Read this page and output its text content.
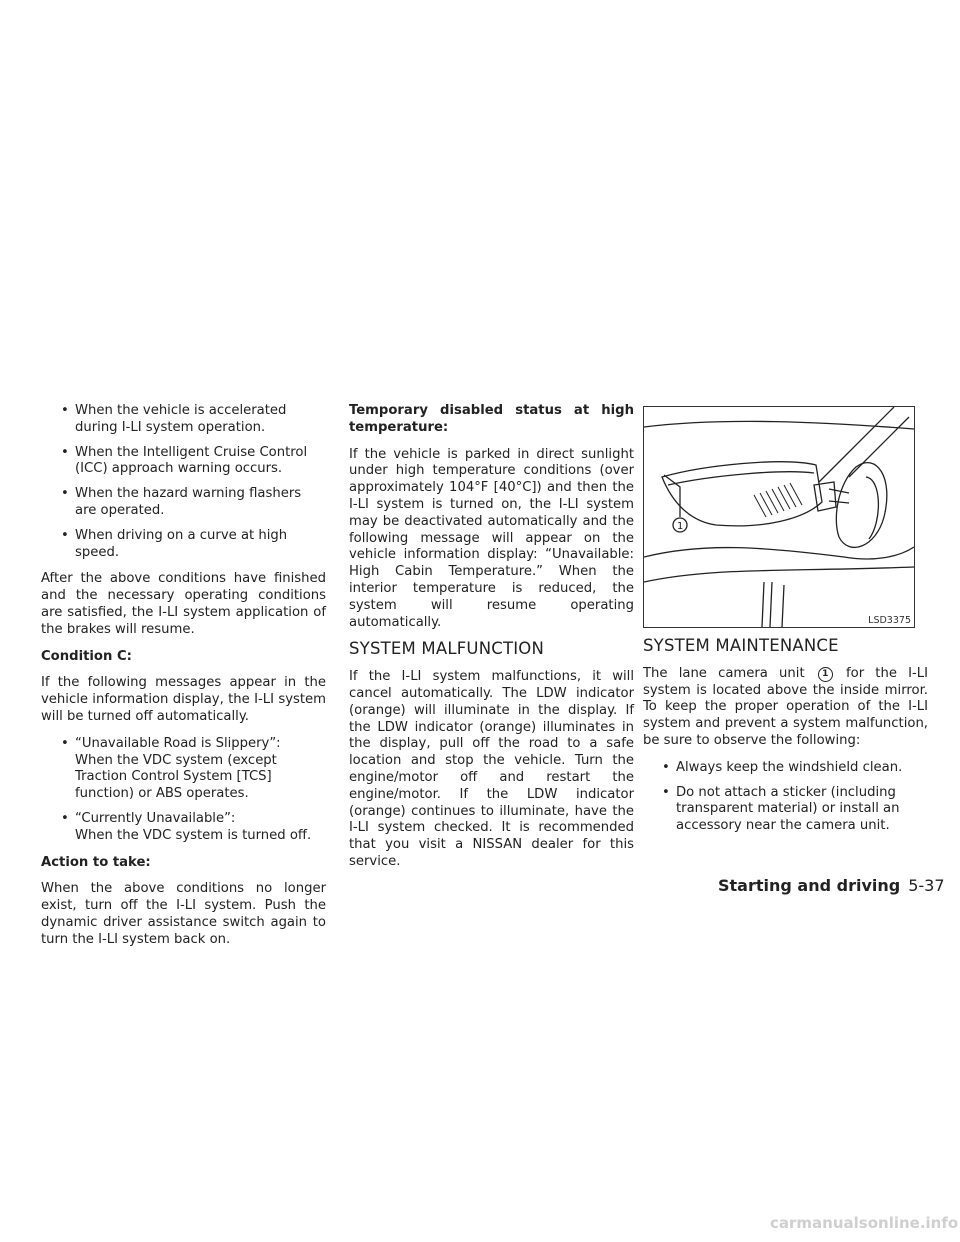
• When the vehicle is accelerated during I-LI system operation.
• When the Intelligent Cruise Control (ICC) approach warning occurs.
• When the hazard warning flashers are operated.
• When driving on a curve at high speed.

After the above conditions have finished and the necessary operating conditions are satisfied, the I-LI system application of the brakes will resume.

Condition C:

If the following messages appear in the vehicle information display, the I-LI system will be turned off automatically.

• “Unavailable Road is Slippery”:
When the VDC system (except Traction Control System [TCS] function) or ABS operates.
• “Currently Unavailable”:
When the VDC system is turned off.

Action to take:

When the above conditions no longer exist, turn off the I-LI system. Push the dynamic driver assistance switch again to turn the I-LI system back on.

Temporary disabled status at high temperature:

If the vehicle is parked in direct sunlight under high temperature conditions (over approximately 104°F [40°C]) and then the I-LI system is turned on, the I-LI system may be deactivated automatically and the following message will appear on the vehicle information display: “Unavailable: High Cabin Temperature.” When the interior temperature is reduced, the system will resume operating automatically.

SYSTEM MALFUNCTION

If the I-LI system malfunctions, it will cancel automatically. The LDW indicator (orange) will illuminate in the display. If the LDW indicator (orange) illuminates in the display, pull off the road to a safe location and stop the vehicle. Turn the engine/motor off and restart the engine/motor. If the LDW indicator (orange) continues to illuminate, have the I-LI system checked. It is recommended that you visit a NISSAN dealer for this service.

1
LSD3375
SYSTEM MAINTENANCE

The lane camera unit 1 for the I-LI system is located above the inside mirror. To keep the proper operation of the I-LI system and prevent a system malfunction, be sure to observe the following:

• Always keep the windshield clean.
• Do not attach a sticker (including transparent material) or install an accessory near the camera unit.
Starting and driving 5-37
carmanualsonline.info
